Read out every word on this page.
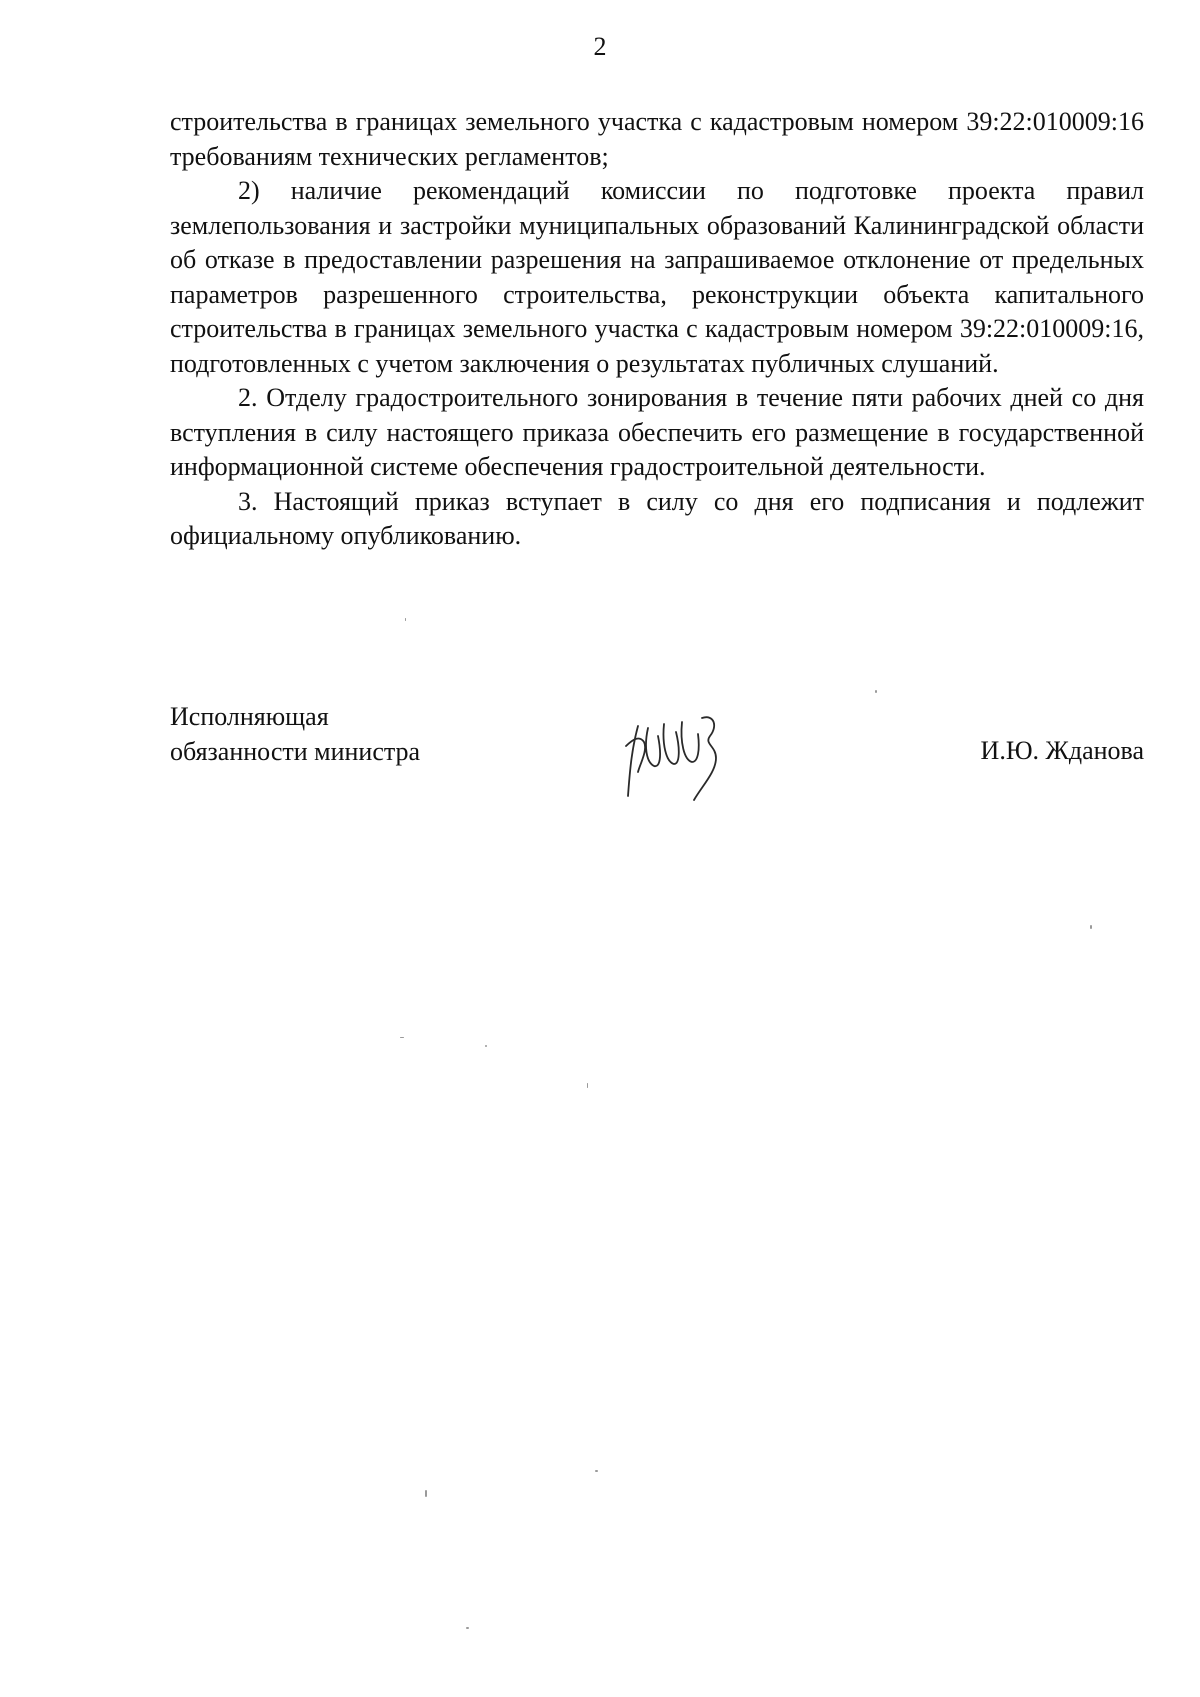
2

строительства в границах земельного участка с кадастровым номером 39:22:010009:16 требованиям технических регламентов;

2) наличие рекомендаций комиссии по подготовке проекта правил землепользования и застройки муниципальных образований Калининградской области об отказе в предоставлении разрешения на запрашиваемое отклонение от предельных параметров разрешенного строительства, реконструкции объекта капитального строительства в границах земельного участка с кадастровым номером 39:22:010009:16, подготовленных с учетом заключения о результатах публичных слушаний.

2. Отделу градостроительного зонирования в течение пяти рабочих дней со дня вступления в силу настоящего приказа обеспечить его размещение в государственной информационной системе обеспечения градостроительной деятельности.

3. Настоящий приказ вступает в силу со дня его подписания и подлежит официальному опубликованию.

Исполняющая
обязанности министра	И.Ю. Жданова
